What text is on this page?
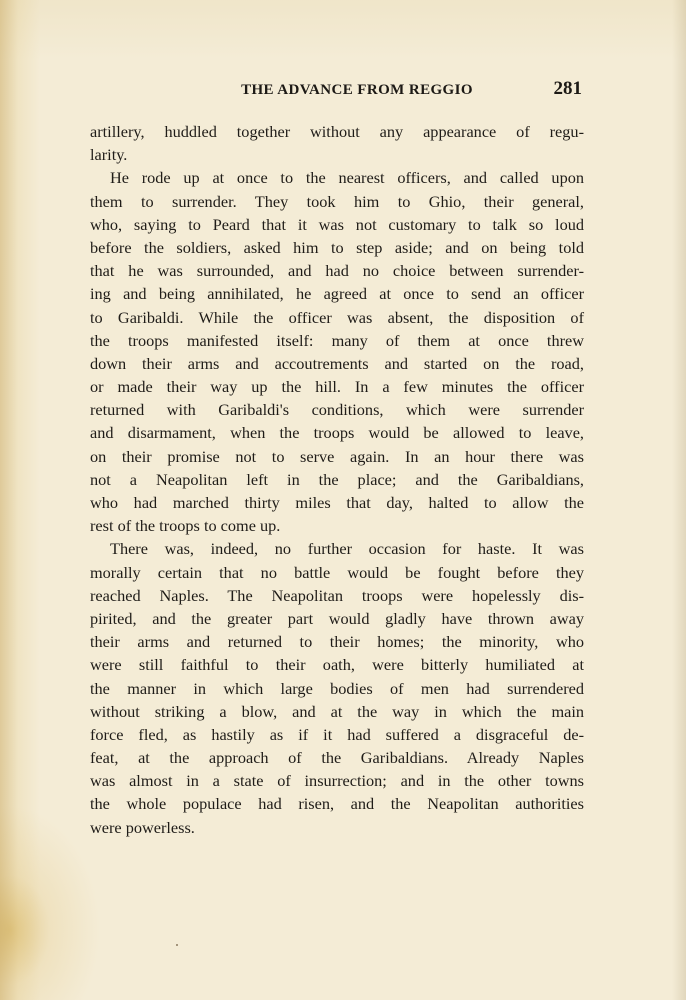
THE ADVANCE FROM REGGIO	281

artillery, huddled together without any appearance of regu-
larity.

He rode up at once to the nearest officers, and called upon
them to surrender. They took him to Ghio, their general,
who, saying to Peard that it was not customary to talk so loud
before the soldiers, asked him to step aside; and on being told
that he was surrounded, and had no choice between surrender-
ing and being annihilated, he agreed at once to send an officer
to Garibaldi. While the officer was absent, the disposition of
the troops manifested itself: many of them at once threw
down their arms and accoutrements and started on the road,
or made their way up the hill. In a few minutes the officer
returned with Garibaldi's conditions, which were surrender
and disarmament, when the troops would be allowed to leave,
on their promise not to serve again. In an hour there was
not a Neapolitan left in the place; and the Garibaldians,
who had marched thirty miles that day, halted to allow the
rest of the troops to come up.

There was, indeed, no further occasion for haste. It was
morally certain that no battle would be fought before they
reached Naples. The Neapolitan troops were hopelessly dis-
pirited, and the greater part would gladly have thrown away
their arms and returned to their homes; the minority, who
were still faithful to their oath, were bitterly humiliated at
the manner in which large bodies of men had surrendered
without striking a blow, and at the way in which the main
force fled, as hastily as if it had suffered a disgraceful de-
feat, at the approach of the Garibaldians. Already Naples
was almost in a state of insurrection; and in the other towns
the whole populace had risen, and the Neapolitan authorities
were powerless.
